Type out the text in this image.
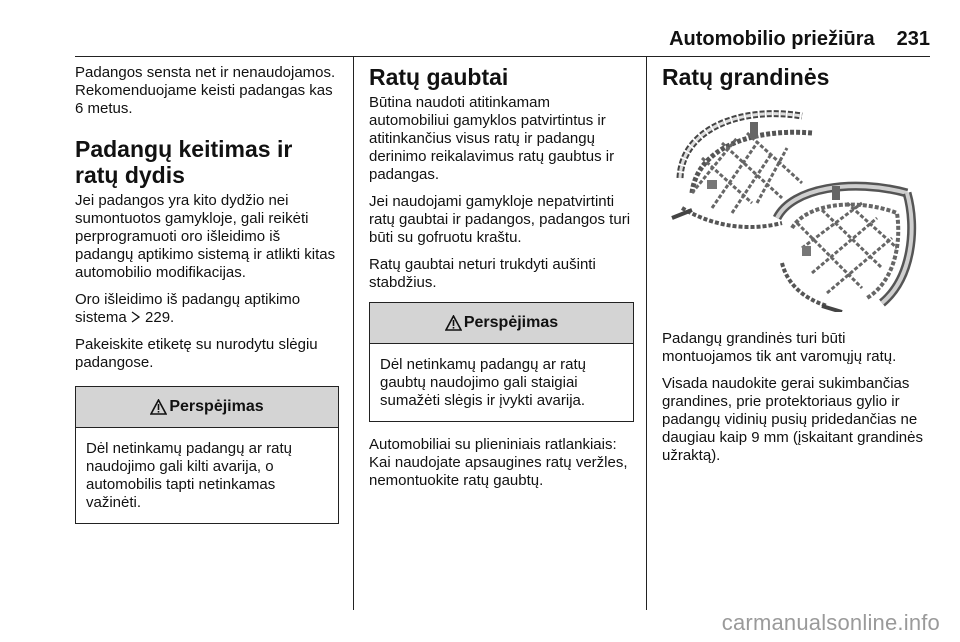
Automobilio priežiūra 231

Padangos sensta net ir nenaudojamos. Rekomenduojame keisti padangas kas 6 metus.

Padangų keitimas ir ratų dydis

Jei padangos yra kito dydžio nei sumontuotos gamykloje, gali reikėti perprogramuoti oro išleidimo iš padangų aptikimo sistemą ir atlikti kitas automobilio modifikacijas.

Oro išleidimo iš padangų aptikimo sistema 229.

Pakeiskite etiketę su nurodytu slėgiu padangose.

Perspėjimas

Dėl netinkamų padangų ar ratų naudojimo gali kilti avarija, o automobilis tapti netinkamas važinėti.

Ratų gaubtai

Būtina naudoti atitinkamam automobiliui gamyklos patvirtintus ir atitinkančius visus ratų ir padangų derinimo reikalavimus ratų gaubtus ir padangas.

Jei naudojami gamykloje nepatvirtinti ratų gaubtai ir padangos, padangos turi būti su gofruotu kraštu.

Ratų gaubtai neturi trukdyti aušinti stabdžius.

Perspėjimas

Dėl netinkamų padangų ar ratų gaubtų naudojimo gali staigiai sumažėti slėgis ir įvykti avarija.

Automobiliai su plieniniais ratlankiais: Kai naudojate apsaugines ratų veržles, nemontuokite ratų gaubtų.

Ratų grandinės

Padangų grandinės turi būti montuojamos tik ant varomųjų ratų.

Visada naudokite gerai sukimbančias grandines, prie protektoriaus gylio ir padangų vidinių pusių pridedančias ne daugiau kaip 9 mm (įskaitant grandinės užraktą).

carmanualsonline.info
